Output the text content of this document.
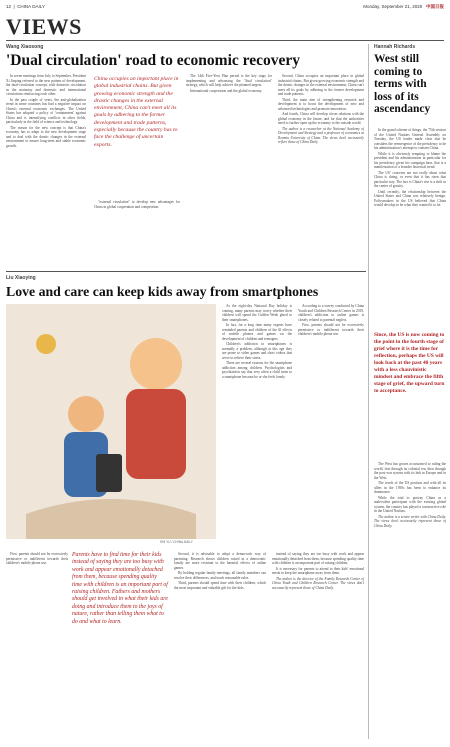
12  |  CHINA DAILY	Monday, September 21, 2020 中国日报
VIEWS
Wang Xiaosong
'Dual circulation' road to economic recovery

In seven meetings from July to September, President Xi Jinping referred to the new pattern of development, the dual-circulation concept, with domestic circulation as the mainstay and domestic and international circulations reinforcing each other.

In the past couple of years, the anti-globalization trend in some countries has had a negative impact on China's external economic exchanges. The United States has adopted a policy of 'containment' against China and is intensifying conflicts in other fields, particularly in the field of science and technology.

The reason for the new concept is that China's economy has to adapt to the new development stage and to deal with the drastic changes in the external environment to ensure long-term and stable economic growth.

China occupies an important place in global industrial chains. But given growing economic strength and the drastic changes in the external environment, China can't meet all its goals by adhering to the former development and trade patterns, especially because the country has to face the challenge of uncertain exports.

"external circulation" to develop new advantages for China in global cooperation and competition.

The 14th Five-Year Plan period is the key stage for implementing and advancing the "dual circulation" strategy, which will help achieve the planned targets.

International cooperation and the global economy.

Second, China occupies an important place in global industrial chains. But given growing economic strength and the drastic changes in the external environment, China can't meet all its goals by adhering to the former development and trade patterns.

Third, the main aim of strengthening research and development is to boost the development of new and advanced technologies and promote innovation.

And fourth, China will develop closer relations with the global economy in the future, and for that the authorities need to further open up the economy to the outside world.

The author is a researcher at the National Academy of Development and Strategy and a professor of economics at Renmin University of China. The views don't necessarily reflect those of China Daily.

Liu Xiaoying
Love and care can keep kids away from smartphones
SHI YU / CHINA DAILY

As the eight-day National Day holiday is coming, many parents may worry whether their children will spend the Golden Week glued to their smartphones.

In fact, for a long time many experts have reminded parents and children of the ill effects of mobile phones and games on the development of children and teenagers.

Children's addiction to smartphones is normally a problem, although at this age they are prone to video games and short videos that serve to relieve their stress.

There are several reasons for the smartphone addiction among children. Psychologists and psychiatrists say that very often a child turns to a smartphone because he or she feels lonely.

According to a survey conducted by China Youth and Children Research Center in 2019, children's addiction to online games is closely related to parental neglect.

First, parents should not be excessively permissive or indifferent towards their children's mobile phone use.

Parents have to find time for their kids instead of saying they are too busy with work and appear emotionally detached from them, because spending quality time with children is an important part of raising children. Fathers and mothers should get involved in what their kids are doing and introduce them to the joys of nature, rather than telling them what to do and what to learn.

First, parents should not be excessively permissive or indifferent towards their children's mobile phone use.

Second, it is advisable to adopt a democratic way of parenting. Research shows children raised in a democratic family are more resistant to the harmful effects of online games.

By holding regular family meetings, all family members can resolve their differences, and teach reasonable rules.

Third, parents should spend time with their children, which the most important and valuable gift for the kids.

instead of saying they are too busy with work and appear emotionally detached from them, because spending quality time with children is an important part of raising children.

It is necessary for parents to attend to their kids' emotional needs to keep the smartphone away from them.

The author is the director of the Family Research Center of China Youth and Children Research Center. The views don't necessarily represent those of China Daily.

Hannah Richards
West still coming to terms with loss of its ascendancy

In the grand scheme of things, the 75th session of the United Nations General Assembly on Tuesday, the US leader made clear that he considers the reemergence of the presidency to be his administration's attempt to contain China.

While it is obviously tempting to blame the president and his administration in particular for his presidency given his campaign base, that is a manifestation of a broader historical trend.

The US' concerns are not really about what China is doing, or even that it has risen that particular way. The fact is China's rise is a shift in the center of gravity.

Until recently, the relationship between the United States and China was relatively benign. Policymakers in the US believed that China would develop to be what they wanted it to be.

Since, the US is now coming to the point in the fourth stage of grief where it is the time for reflection, perhaps the US will look back at the past 40 years with a less chauvinistic mindset and embrace the fifth stage of grief, the upward turn to acceptance.

The West has grown accustomed to ruling the world, first through its colonial era, then through the post-war system with its hub in Europe and in the West.

The worth of the US position and with all its allies in the 1950s has been to enhance its dominance.

While the trial to portray China as a malevolent participant with the existing global system, the country has played a constructive role in the United Nations.

The author is a senior writer with China Daily. The views don't necessarily represent those of China Daily.
